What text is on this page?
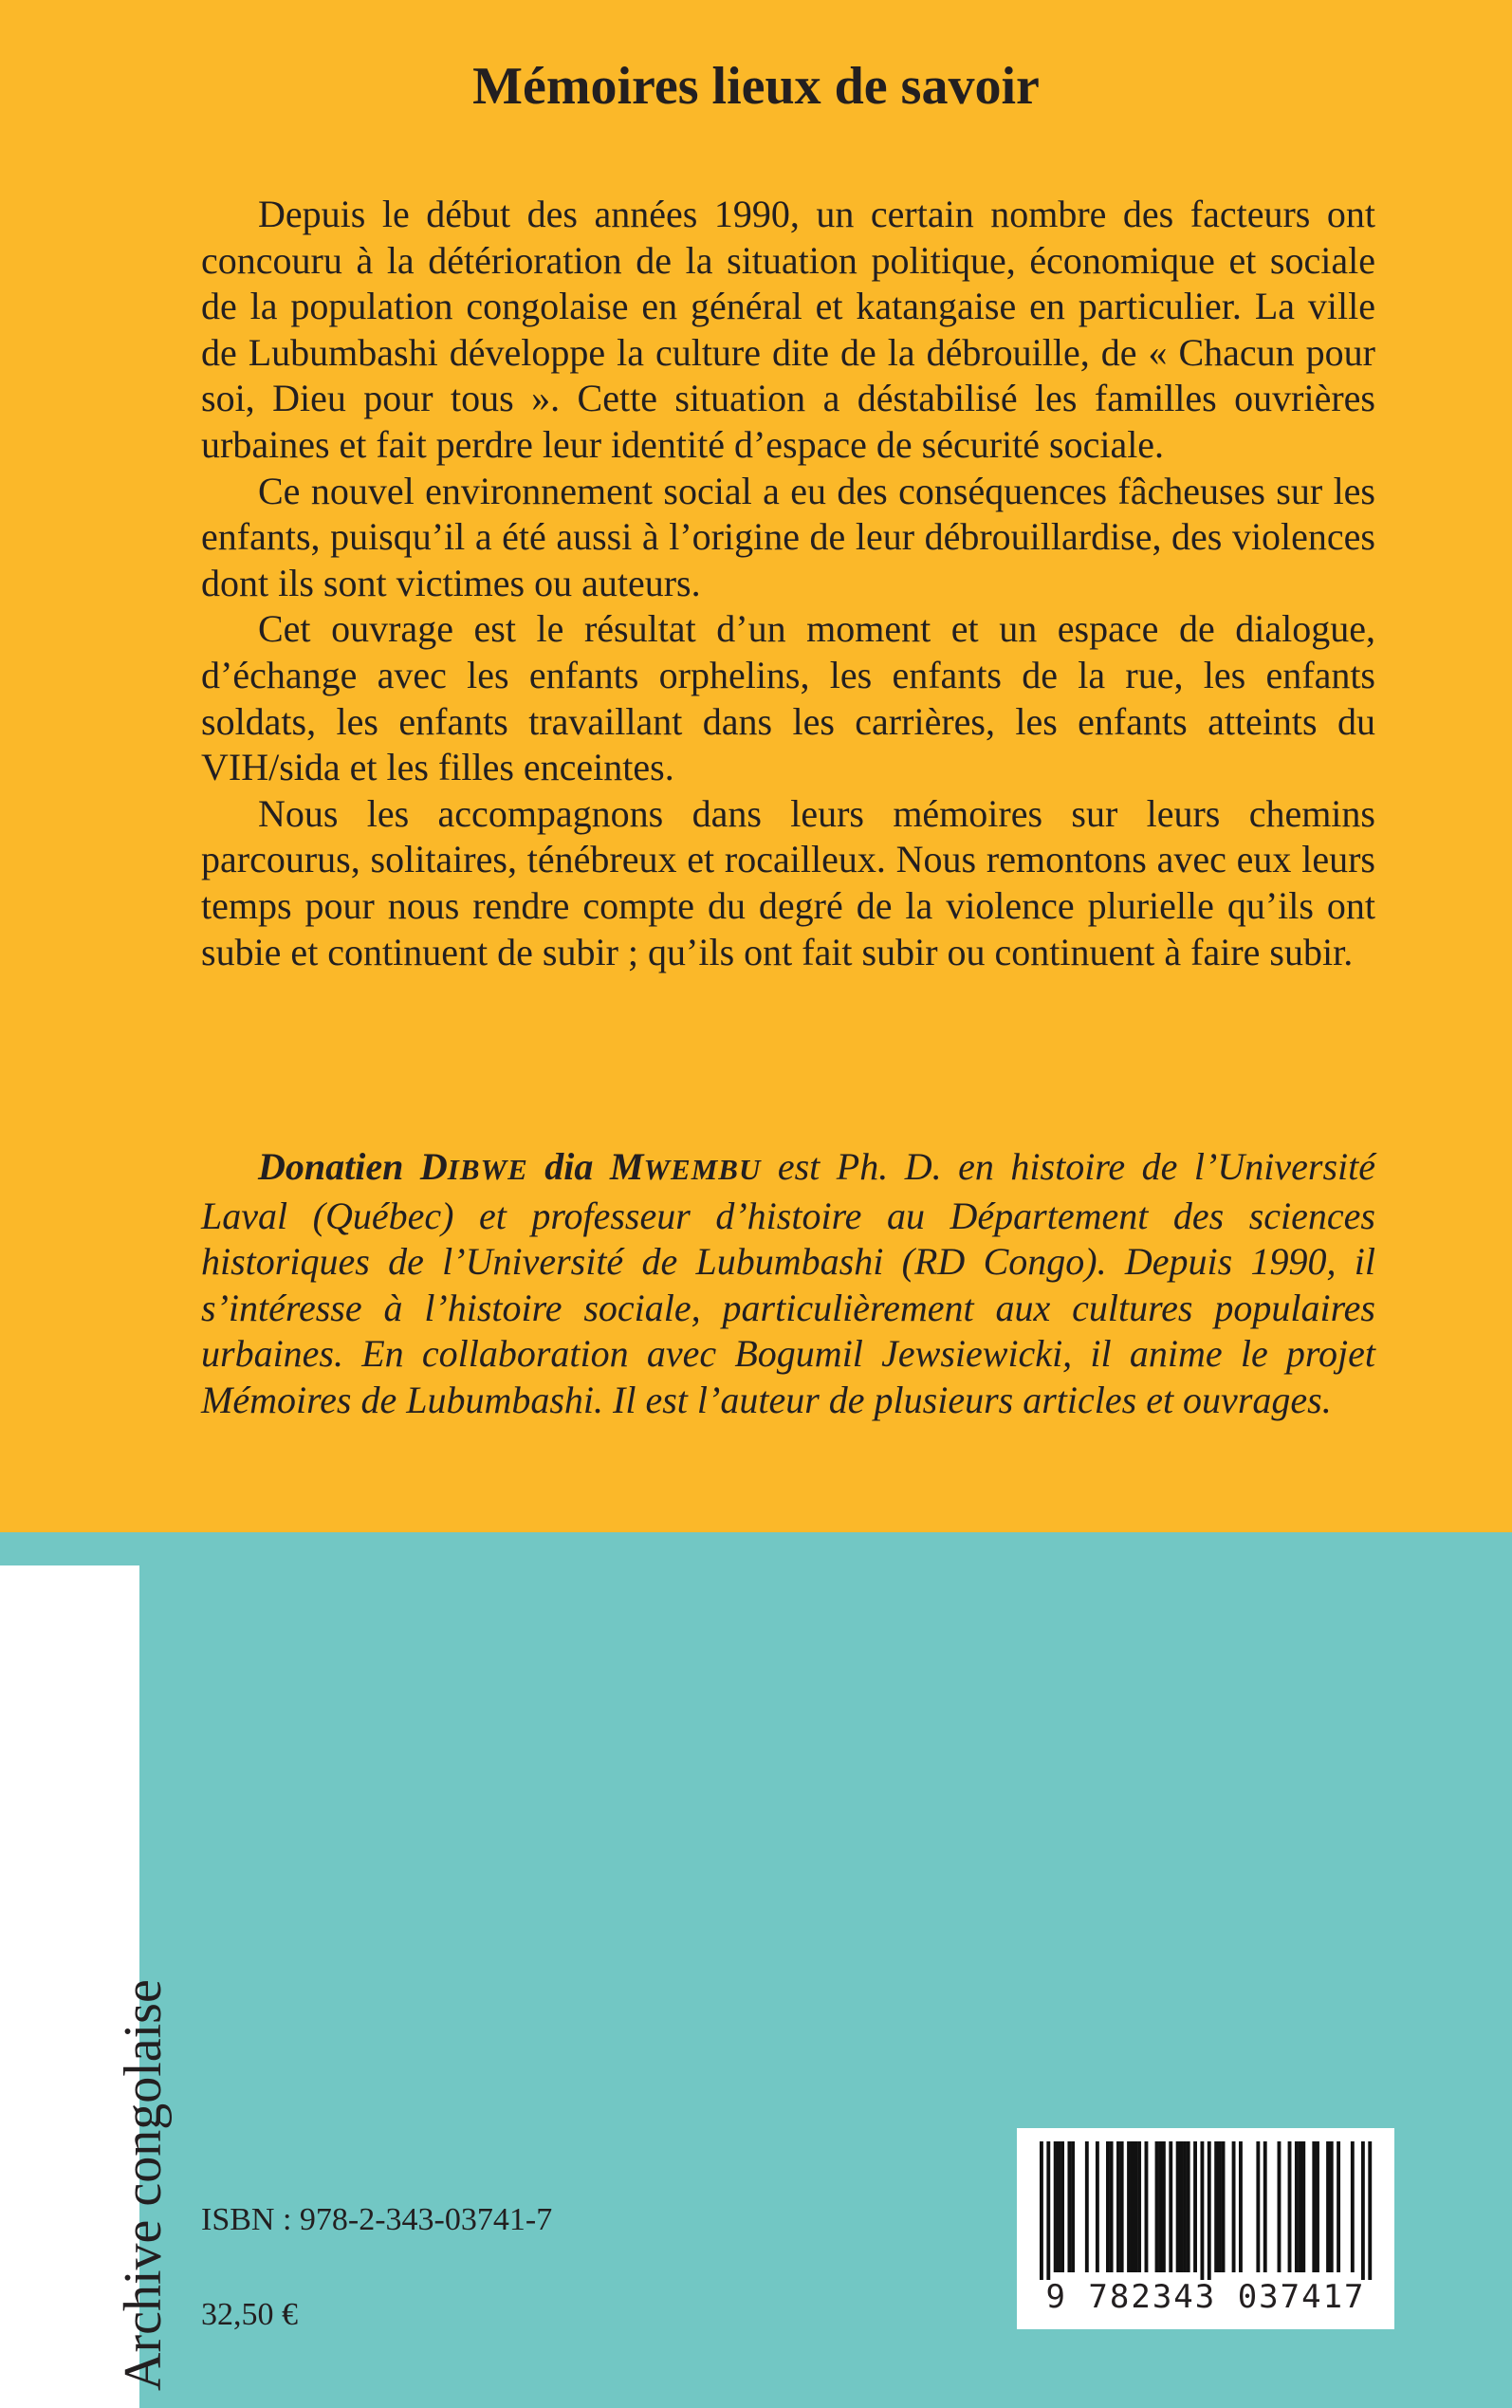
Mémoires lieux de savoir

Depuis le début des années 1990, un certain nombre des facteurs ont concouru à la détérioration de la situation politique, économique et sociale de la population congolaise en général et katangaise en particulier. La ville de Lubumbashi développe la culture dite de la débrouille, de « Chacun pour soi, Dieu pour tous ». Cette situation a déstabilisé les familles ouvrières urbaines et fait perdre leur identité d’espace de sécurité sociale.

Ce nouvel environnement social a eu des conséquences fâcheuses sur les enfants, puisqu’il a été aussi à l’origine de leur débrouillardise, des violences dont ils sont victimes ou auteurs.

Cet ouvrage est le résultat d’un moment et un espace de dialogue, d’échange avec les enfants orphelins, les enfants de la rue, les enfants soldats, les enfants travaillant dans les carrières, les enfants atteints du VIH/sida et les filles enceintes.

Nous les accompagnons dans leurs mémoires sur leurs chemins parcourus, solitaires, ténébreux et rocailleux. Nous remontons avec eux leurs temps pour nous rendre compte du degré de la violence plurielle qu’ils ont subie et continuent de subir ; qu’ils ont fait subir ou continuent à faire subir.

Donatien DIBWE dia MWEMBU est Ph. D. en histoire de l’Université Laval (Québec) et professeur d’histoire au Département des sciences historiques de l’Université de Lubumbashi (RD Congo). Depuis 1990, il s’intéresse à l’histoire sociale, particulièrement aux cultures populaires urbaines. En collaboration avec Bogumil Jewsiewicki, il anime le projet Mémoires de Lubumbashi. Il est l’auteur de plusieurs articles et ouvrages.

Archive congolaise ISBN : 978-2-343-03741-7
32,50 €	9 782343 037417
